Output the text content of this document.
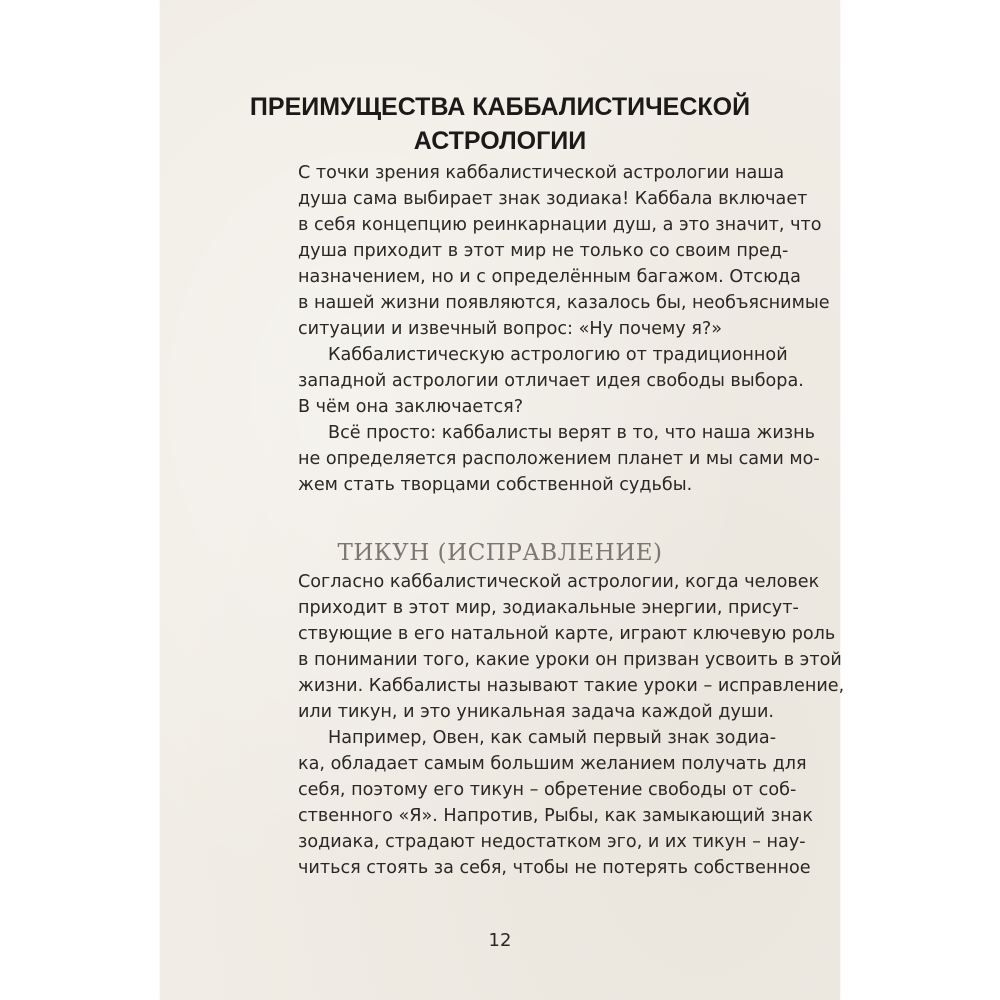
ПРЕИМУЩЕСТВА КАББАЛИСТИЧЕСКОЙ
АСТРОЛОГИИ

С точки зрения каббалистической астрологии наша
душа сама выбирает знак зодиака! Каббала включает
в себя концепцию реинкарнации душ, а это значит, что
душа приходит в этот мир не только со своим пред-
назначением, но и с определённым багажом. Отсюда
в нашей жизни появляются, казалось бы, необъяснимые
ситуации и извечный вопрос: «Ну почему я?»

Каббалистическую астрологию от традиционной
западной астрологии отличает идея свободы выбора.
В чём она заключается?

Всё просто: каббалисты верят в то, что наша жизнь
не определяется расположением планет и мы сами мо-
жем стать творцами собственной судьбы.

ТИКУН (ИСПРАВЛЕНИЕ)

Согласно каббалистической астрологии, когда человек
приходит в этот мир, зодиакальные энергии, присут-
ствующие в его натальной карте, играют ключевую роль
в понимании того, какие уроки он призван усвоить в этой
жизни. Каббалисты называют такие уроки – исправление,
или тикун, и это уникальная задача каждой души.

Например, Овен, как самый первый знак зодиа-
ка, обладает самым большим желанием получать для
себя, поэтому его тикун – обретение свободы от соб-
ственного «Я». Напротив, Рыбы, как замыкающий знак
зодиака, страдают недостатком эго, и их тикун – нау-
читься стоять за себя, чтобы не потерять собственное

12
